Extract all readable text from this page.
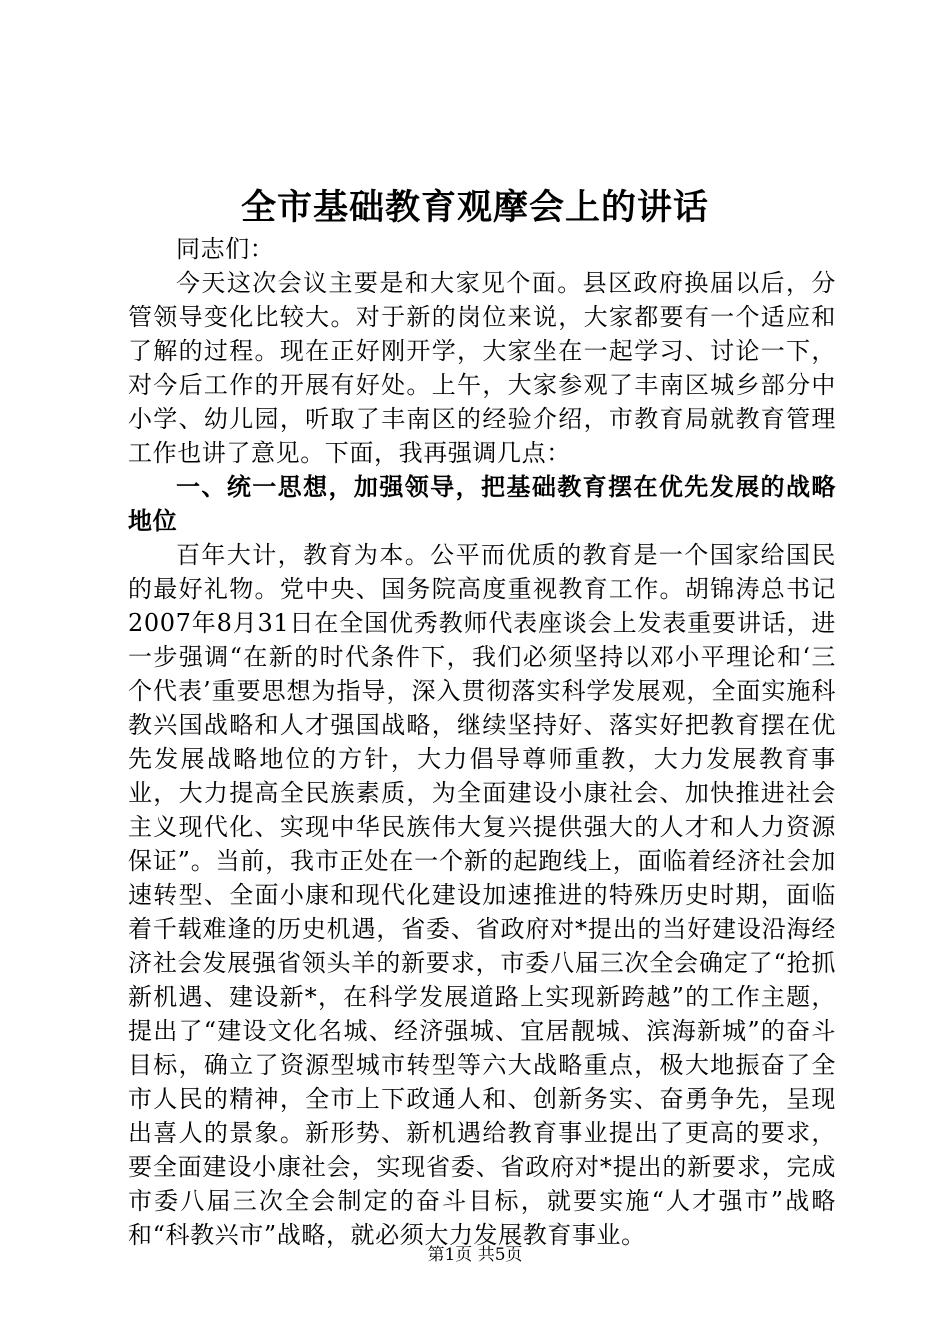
全市基础教育观摩会上的讲话

同志们：

今天这次会议主要是和大家见个面。县区政府换届以后，分管领导变化比较大。对于新的岗位来说，大家都要有一个适应和了解的过程。现在正好刚开学，大家坐在一起学习、讨论一下，对今后工作的开展有好处。上午，大家参观了丰南区城乡部分中小学、幼儿园，听取了丰南区的经验介绍，市教育局就教育管理工作也讲了意见。下面，我再强调几点：

一、统一思想，加强领导，把基础教育摆在优先发展的战略地位

百年大计，教育为本。公平而优质的教育是一个国家给国民的最好礼物。党中央、国务院高度重视教育工作。胡锦涛总书记2007年8月31日在全国优秀教师代表座谈会上发表重要讲话，进一步强调“在新的时代条件下，我们必须坚持以邓小平理论和‘三个代表’重要思想为指导，深入贯彻落实科学发展观，全面实施科教兴国战略和人才强国战略，继续坚持好、落实好把教育摆在优先发展战略地位的方针，大力倡导尊师重教，大力发展教育事业，大力提高全民族素质，为全面建设小康社会、加快推进社会主义现代化、实现中华民族伟大复兴提供强大的人才和人力资源保证”。当前，我市正处在一个新的起跑线上，面临着经济社会加速转型、全面小康和现代化建设加速推进的特殊历史时期，面临着千载难逢的历史机遇，省委、省政府对*提出的当好建设沿海经济社会发展强省领头羊的新要求，市委八届三次全会确定了“抢抓新机遇、建设新*，在科学发展道路上实现新跨越”的工作主题，提出了“建设文化名城、经济强城、宜居靓城、滨海新城”的奋斗目标，确立了资源型城市转型等六大战略重点，极大地振奋了全市人民的精神，全市上下政通人和、创新务实、奋勇争先，呈现出喜人的景象。新形势、新机遇给教育事业提出了更高的要求，要全面建设小康社会，实现省委、省政府对*提出的新要求，完成市委八届三次全会制定的奋斗目标，就要实施“人才强市”战略和“科教兴市”战略，就必须大力发展教育事业。

第1页 共5页
